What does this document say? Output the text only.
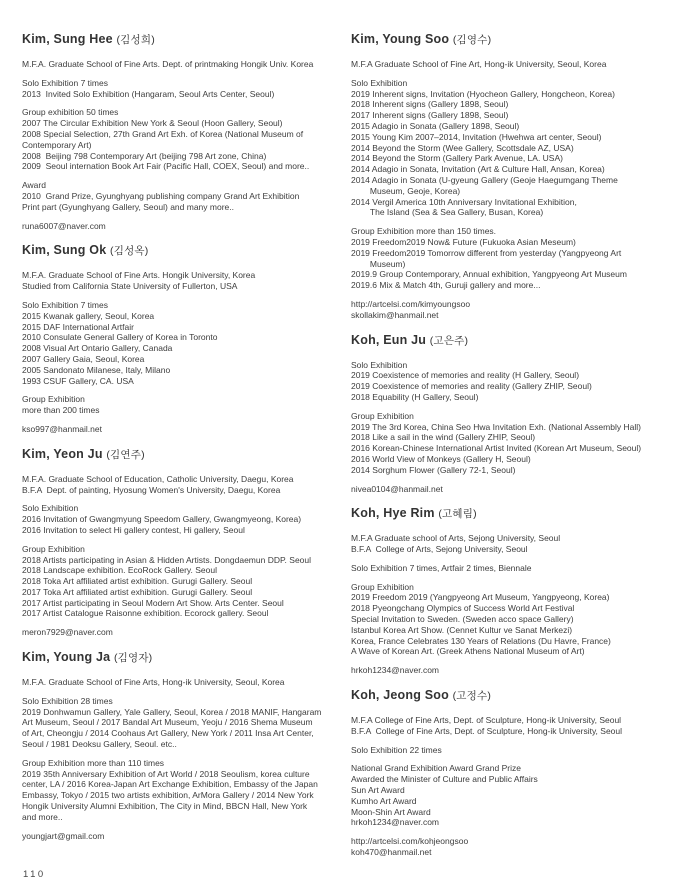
Kim, Sung Hee (김성희)
M.F.A. Graduate School of Fine Arts. Dept. of printmaking Hongik Univ. Korea
Solo Exhibition 7 times
2013  Invited Solo Exhibition (Hangaram, Seoul Arts Center, Seoul)
Group exhibition 50 times
2007 The Circular Exhibition New York & Seoul (Hoon Gallery, Seoul)
2008 Special Selection, 27th Grand Art Exh. of Korea (National Museum of
Contemporary Art)
2008  Beijing 798 Contemporary Art (beijing 798 Art zone, China)
2009  Seoul internation Book Art Fair (Pacific Hall, COEX, Seoul) and more..
Award
2010  Grand Prize, Gyunghyang publishing company Grand Art Exhibition
Print part (Gyunghyang Gallery, Seoul) and many more..
runa6007@naver.com
Kim, Sung Ok (김성옥)
M.F.A. Graduate School of Fine Arts. Hongik University, Korea
Studied from California State University of Fullerton, USA
Solo Exhibition 7 times
2015 Kwanak gallery, Seoul, Korea
2015 DAF International Artfair
2010 Consulate General Gallery of Korea in Toronto
2008 Visual Art Ontario Gallery, Canada
2007 Gallery Gaia, Seoul, Korea
2005 Sandonato Milanese, Italy, Milano
1993 CSUF Gallery, CA. USA
Group Exhibition
more than 200 times
kso997@hanmail.net
Kim, Yeon Ju (김연주)
M.F.A. Graduate School of Education, Catholic University, Daegu, Korea
B.F.A  Dept. of painting, Hyosung Women's University, Daegu, Korea
Solo Exhibition
2016 Invitation of Gwangmyung Speedom Gallery, Gwangmyeong, Korea)
2016 Invitation to select Hi gallery contest, Hi gallery, Seoul
Group Exhibition
2018 Artists participating in Asian & Hidden Artists. Dongdaemun DDP. Seoul
2018 Landscape exhibition. EcoRock Gallery. Seoul
2018 Toka Art affiliated artist exhibition. Gurugi Gallery. Seoul
2017 Toka Art affiliated artist exhibition. Gurugi Gallery. Seoul
2017 Artist participating in Seoul Modern Art Show. Arts Center. Seoul
2017 Artist Catalogue Raisonne exhibition. Ecorock gallery. Seoul
meron7929@naver.com
Kim, Young Ja (김영자)
M.F.A. Graduate School of Fine Arts, Hong-ik University, Seoul, Korea
Solo Exhibition 28 times
2019 Donhwamun Gallery, Yale Gallery, Seoul, Korea / 2018 MANIF, Hangaram
Art Museum, Seoul / 2017 Bandal Art Museum, Yeoju / 2016 Shema Museum
of Art, Cheongju / 2014 Coohaus Art Gallery, New York / 2011 Insa Art Center,
Seoul / 1981 Deoksu Gallery, Seoul. etc..
Group Exhibition more than 110 times
2019 35th Anniversary Exhibition of Art World / 2018 Seoulism, korea culture
center, LA / 2016 Korea-Japan Art Exchange Exhibition, Embassy of the Japan
Embassy, Tokyo / 2015 two artists exhibition, ArMora Gallery / 2014 New York
Hongik University Alumni Exhibition, The City in Mind, BBCN Hall, New York
and more..
youngjart@gmail.com
Kim, Young Soo (김영수)
M.F.A Graduate School of Fine Art, Hong-ik University, Seoul, Korea
Solo Exhibition
2019 Inherent signs, Invitation (Hyocheon Gallery, Hongcheon, Korea)
2018 Inherent signs (Gallery 1898, Seoul)
2017 Inherent signs (Gallery 1898, Seoul)
2015 Adagio in Sonata (Gallery 1898, Seoul)
2015 Young Kim 2007–2014, Invitation (Hwehwa art center, Seoul)
2014 Beyond the Storm (Wee Gallery, Scottsdale AZ, USA)
2014 Beyond the Storm (Gallery Park Avenue, LA. USA)
2014 Adagio in Sonata, Invitation (Art & Culture Hall, Ansan, Korea)
2014 Adagio in Sonata (U-gyeung Gallery (Geoje Haegumgang Theme
Museum, Geoje, Korea)
2014 Vergil America 10th Anniversary Invitational Exhibition,
The Island (Sea & Sea Gallery, Busan, Korea)
Group Exhibition more than 150 times.
2019 Freedom2019 Now& Future (Fukuoka Asian Meseum)
2019 Freedom2019 Tomorrow different from yesterday (Yangpyeong Art
Museum)
2019.9 Group Contemporary, Annual exhibition, Yangpyeong Art Museum
2019.6 Mix & Match 4th, Guruji gallery and more...
http://artcelsi.com/kimyoungsoo
skollakim@hanmail.net
Koh, Eun Ju (고은주)
Solo Exhibition
2019 Coexistence of memories and reality (H Gallery, Seoul)
2019 Coexistence of memories and reality (Gallery ZHIP, Seoul)
2018 Equability (H Gallery, Seoul)
Group Exhibition
2019 The 3rd Korea, China Seo Hwa Invitation Exh. (National Assembly Hall)
2018 Like a sail in the wind (Gallery ZHIP, Seoul)
2016 Korean-Chinese International Artist Invited (Korean Art Museum, Seoul)
2016 World View of Monkeys (Gallery H, Seoul)
2014 Sorghum Flower (Gallery 72-1, Seoul)
nivea0104@hanmail.net
Koh, Hye Rim (고혜림)
M.F.A Graduate school of Arts, Sejong University, Seoul
B.F.A  College of Arts, Sejong University, Seoul
Solo Exhibition 7 times, Artfair 2 times, Biennale
Group Exhibition
2019 Freedom 2019 (Yangpyeong Art Museum, Yangpyeong, Korea)
2018 Pyeongchang Olympics of Success World Art Festival
Special Invitation to Sweden. (Sweden acco space Gallery)
Istanbul Korea Art Show. (Cennet Kultur ve Sanat Merkezi)
Korea, France Celebrates 130 Years of Relations (Du Havre, France)
A Wave of Korean Art. (Greek Athens National Museum of Art)
hrkoh1234@naver.com
Koh, Jeong Soo (고정수)
M.F.A College of Fine Arts, Dept. of Sculpture, Hong-ik University, Seoul
B.F.A  College of Fine Arts, Dept. of Sculpture, Hong-ik University, Seoul
Solo Exhibition 22 times
National Grand Exhibition Award Grand Prize
Awarded the Minister of Culture and Public Affairs
Sun Art Award
Kumho Art Award
Moon-Shin Art Award
hrkoh1234@naver.com
http://artcelsi.com/kohjeongsoo
koh470@hanmail.net
110
